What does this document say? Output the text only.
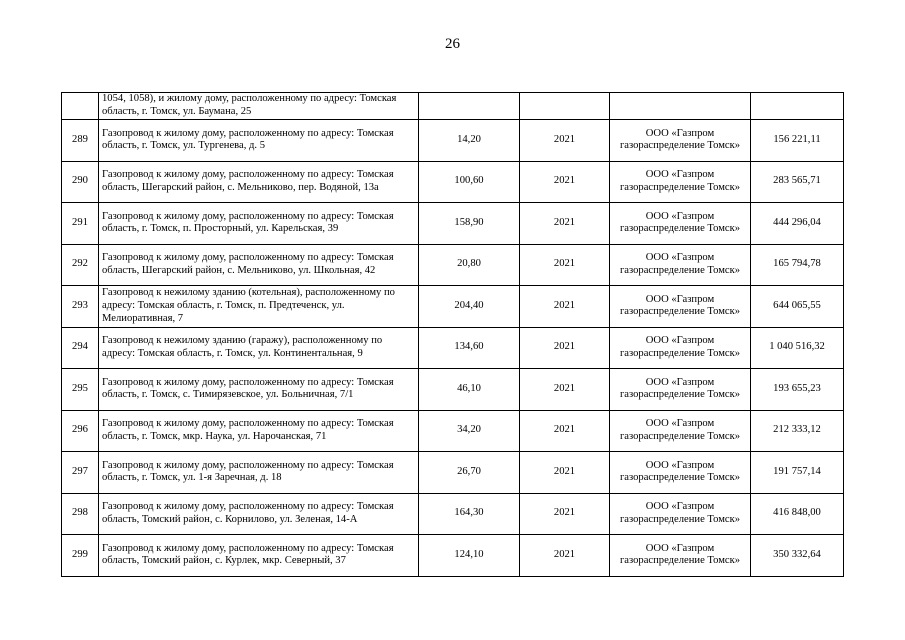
26
	1054, 1058), и жилому дому, расположенному по адресу: Томская область, г. Томск, ул. Баумана, 25				
289	Газопровод к жилому дому, расположенному по адресу: Томская область, г. Томск, ул. Тургенева, д. 5	14,20	2021	ООО «Газпром газораспределение Томск»	156 221,11
290	Газопровод к жилому дому, расположенному по адресу: Томская область, Шегарский район, с. Мельниково, пер. Водяной, 13а	100,60	2021	ООО «Газпром газораспределение Томск»	283 565,71
291	Газопровод к жилому дому, расположенному по адресу: Томская область, г. Томск, п. Просторный, ул. Карельская, 39	158,90	2021	ООО «Газпром газораспределение Томск»	444 296,04
292	Газопровод к жилому дому, расположенному по адресу: Томская область, Шегарский район, с. Мельниково, ул. Школьная, 42	20,80	2021	ООО «Газпром газораспределение Томск»	165 794,78
293	Газопровод к нежилому зданию (котельная), расположенному по адресу: Томская область, г. Томск, п. Предтеченск, ул. Мелиоративная, 7	204,40	2021	ООО «Газпром газораспределение Томск»	644 065,55
294	Газопровод к нежилому зданию (гаражу), расположенному по адресу: Томская область, г. Томск, ул. Континентальная, 9	134,60	2021	ООО «Газпром газораспределение Томск»	1 040 516,32
295	Газопровод к жилому дому, расположенному по адресу: Томская область, г. Томск, с. Тимирязевское, ул. Больничная, 7/1	46,10	2021	ООО «Газпром газораспределение Томск»	193 655,23
296	Газопровод к жилому дому, расположенному по адресу: Томская область, г. Томск, мкр. Наука, ул. Нарочанская, 71	34,20	2021	ООО «Газпром газораспределение Томск»	212 333,12
297	Газопровод к жилому дому, расположенному по адресу: Томская область, г. Томск, ул. 1-я Заречная, д. 18	26,70	2021	ООО «Газпром газораспределение Томск»	191 757,14
298	Газопровод к жилому дому, расположенному по адресу: Томская область, Томский район, с. Корнилово, ул. Зеленая, 14-А	164,30	2021	ООО «Газпром газораспределение Томск»	416 848,00
299	Газопровод к жилому дому, расположенному по адресу: Томская область, Томский район, с. Курлек, мкр. Северный, 37	124,10	2021	ООО «Газпром газораспределение Томск»	350 332,64
